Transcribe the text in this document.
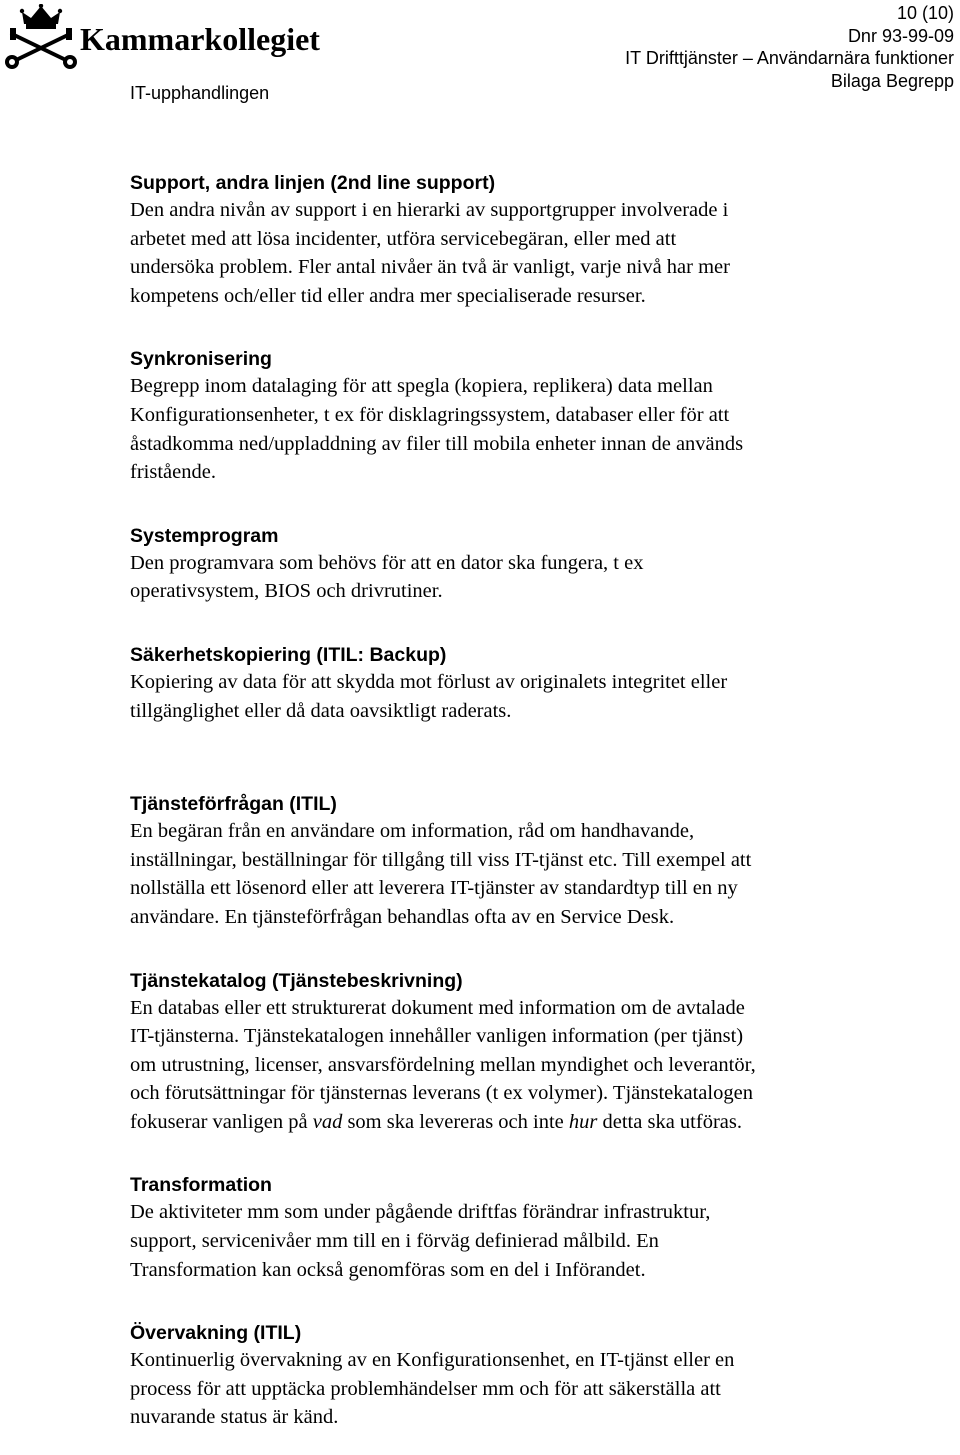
Kammarkollegiet
IT-upphandlingen
10 (10)
Dnr 93-99-09
IT Drifttjänster – Användarnära funktioner
Bilaga Begrepp
Support, andra linjen (2nd line support)
Den andra nivån av support i en hierarki av supportgrupper involverade i
arbetet med att lösa incidenter, utföra servicebegäran, eller med att
undersöka problem. Fler antal nivåer än två är vanligt, varje nivå har mer
kompetens och/eller tid eller andra mer specialiserade resurser.
Synkronisering
Begrepp inom datalaging för att spegla (kopiera, replikera) data mellan
Konfigurationsenheter, t ex för disklagringssystem, databaser eller för att
åstadkomma ned/uppladdning av filer till mobila enheter innan de används
fristående.
Systemprogram
Den programvara som behövs för att en dator ska fungera, t ex
operativsystem, BIOS och drivrutiner.
Säkerhetskopiering (ITIL: Backup)
Kopiering av data för att skydda mot förlust av originalets integritet eller
tillgänglighet eller då data oavsiktligt raderats.
Tjänsteförfrågan (ITIL)
En begäran från en användare om information, råd om handhavande,
inställningar, beställningar för tillgång till viss IT-tjänst etc. Till exempel att
nollställa ett lösenord eller att leverera IT-tjänster av standardtyp till en ny
användare. En tjänsteförfrågan behandlas ofta av en Service Desk.
Tjänstekatalog (Tjänstebeskrivning)
En databas eller ett strukturerat dokument med information om de avtalade
IT-tjänsterna. Tjänstekatalogen innehåller vanligen information (per tjänst)
om utrustning, licenser, ansvarsfördelning mellan myndighet och leverantör,
och förutsättningar för tjänsternas leverans (t ex volymer). Tjänstekatalogen
fokuserar vanligen på vad som ska levereras och inte hur detta ska utföras.
Transformation
De aktiviteter mm som under pågående driftfas förändrar infrastruktur,
support, servicenivåer mm till en i förväg definierad målbild. En
Transformation kan också genomföras som en del i Införandet.
Övervakning (ITIL)
Kontinuerlig övervakning av en Konfigurationsenhet, en IT-tjänst eller en
process för att upptäcka problemhändelser mm och för att säkerställa att
nuvarande status är känd.
